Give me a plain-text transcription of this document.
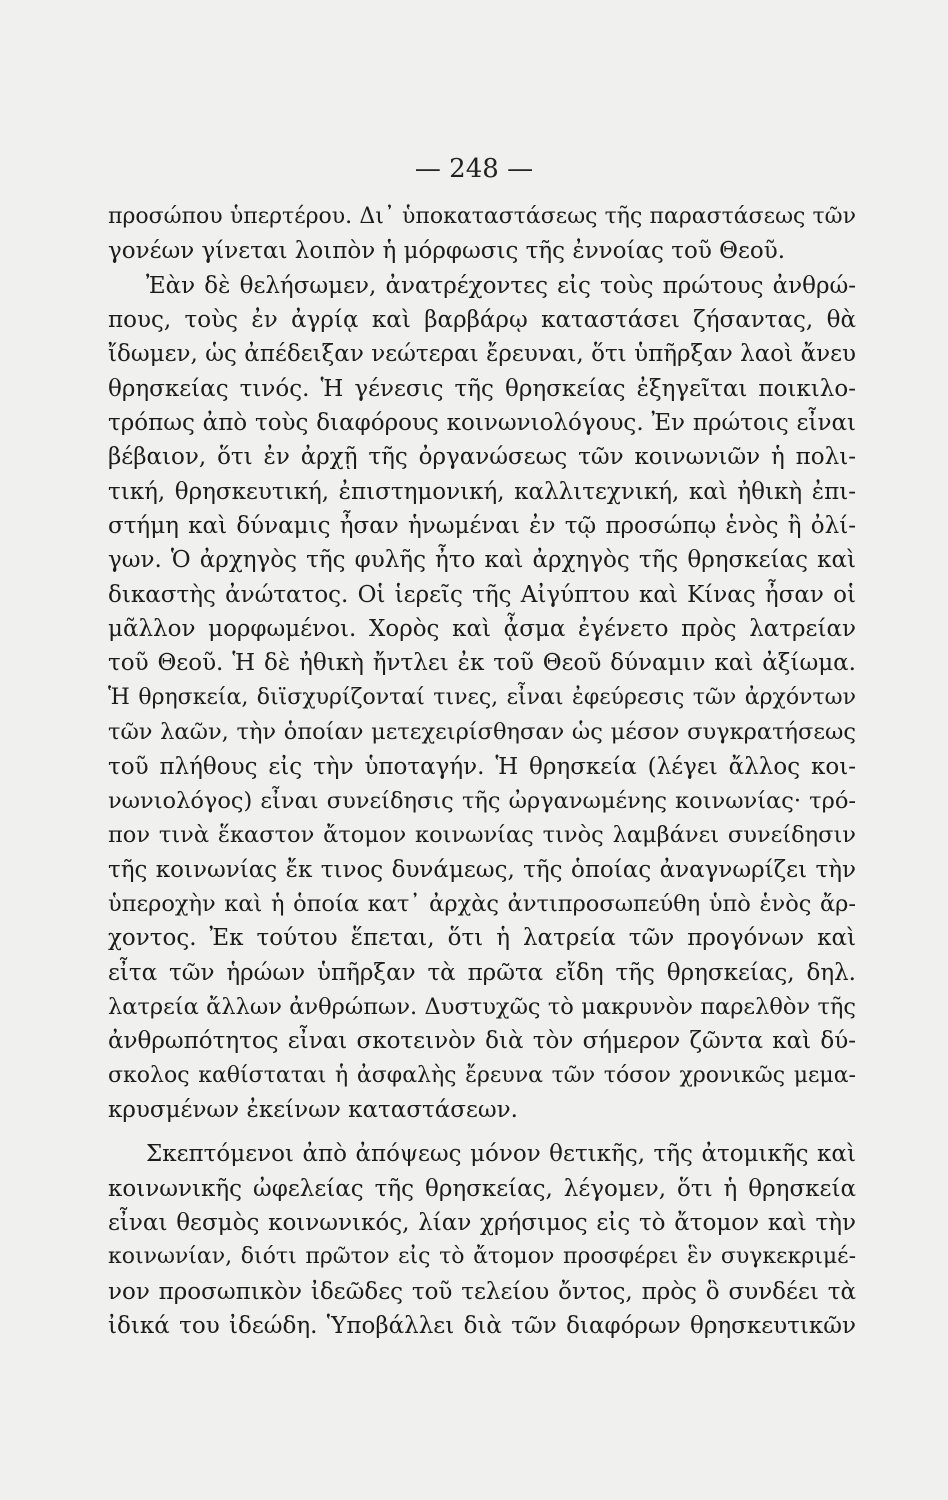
— 248 —
προσώπου ὑπερτέρου. Δι᾽ ὑποκαταστάσεως τῆς παραστάσεως τῶν
γονέων γίνεται λοιπὸν ἡ μόρφωσις τῆς ἐννοίας τοῦ Θεοῦ.
Ἐὰν δὲ θελήσωμεν, ἀνατρέχοντες εἰς τοὺς πρώτους ἀνθρώ-
πους, τοὺς ἐν ἀγρίᾳ καὶ βαρβάρῳ καταστάσει ζήσαντας, θὰ
ἴδωμεν, ὡς ἀπέδειξαν νεώτεραι ἔρευναι, ὅτι ὑπῆρξαν λαοὶ ἄνευ
θρησκείας τινός. Ἡ γένεσις τῆς θρησκείας ἐξηγεῖται ποικιλο-
τρόπως ἀπὸ τοὺς διαφόρους κοινωνιολόγους. Ἐν πρώτοις εἶναι
βέβαιον, ὅτι ἐν ἀρχῇ τῆς ὀργανώσεως τῶν κοινωνιῶν ἡ πολι-
τική, θρησκευτική, ἐπιστημονική, καλλιτεχνική, καὶ ἠθικὴ ἐπι-
στήμη καὶ δύναμις ἦσαν ἡνωμέναι ἐν τῷ προσώπῳ ἑνὸς ἢ ὀλί-
γων. Ὁ ἀρχηγὸς τῆς φυλῆς ἦτο καὶ ἀρχηγὸς τῆς θρησκείας καὶ
δικαστὴς ἀνώτατος. Οἱ ἱερεῖς τῆς Αἰγύπτου καὶ Κίνας ἦσαν οἱ
μᾶλλον μορφωμένοι. Χορὸς καὶ ᾆσμα ἐγένετο πρὸς λατρείαν
τοῦ Θεοῦ. Ἡ δὲ ἠθικὴ ἤντλει ἐκ τοῦ Θεοῦ δύναμιν καὶ ἀξίωμα.
Ἡ θρησκεία, διϊσχυρίζονταί τινες, εἶναι ἐφεύρεσις τῶν ἀρχόντων
τῶν λαῶν, τὴν ὁποίαν μετεχειρίσθησαν ὡς μέσον συγκρατήσεως
τοῦ πλήθους εἰς τὴν ὑποταγήν. Ἡ θρησκεία (λέγει ἄλλος κοι-
νωνιολόγος) εἶναι συνείδησις τῆς ὠργανωμένης κοινωνίας· τρό-
πον τινὰ ἕκαστον ἄτομον κοινωνίας τινὸς λαμβάνει συνείδησιν
τῆς κοινωνίας ἔκ τινος δυνάμεως, τῆς ὁποίας ἀναγνωρίζει τὴν
ὑπεροχὴν καὶ ἡ ὁποία κατ᾽ ἀρχὰς ἀντιπροσωπεύθη ὑπὸ ἑνὸς ἄρ-
χοντος. Ἐκ τούτου ἕπεται, ὅτι ἡ λατρεία τῶν προγόνων καὶ
εἶτα τῶν ἡρώων ὑπῆρξαν τὰ πρῶτα εἴδη τῆς θρησκείας, δηλ.
λατρεία ἄλλων ἀνθρώπων. Δυστυχῶς τὸ μακρυνὸν παρελθὸν τῆς
ἀνθρωπότητος εἶναι σκοτεινὸν διὰ τὸν σήμερον ζῶντα καὶ δύ-
σκολος καθίσταται ἡ ἀσφαλὴς ἔρευνα τῶν τόσον χρονικῶς μεμα-
κρυσμένων ἐκείνων καταστάσεων.
Σκεπτόμενοι ἀπὸ ἀπόψεως μόνον θετικῆς, τῆς ἀτομικῆς καὶ
κοινωνικῆς ὠφελείας τῆς θρησκείας, λέγομεν, ὅτι ἡ θρησκεία
εἶναι θεσμὸς κοινωνικός, λίαν χρήσιμος εἰς τὸ ἄτομον καὶ τὴν
κοινωνίαν, διότι πρῶτον εἰς τὸ ἄτομον προσφέρει ἓν συγκεκριμέ-
νον προσωπικὸν ἰδεῶδες τοῦ τελείου ὄντος, πρὸς ὃ συνδέει τὰ
ἰδικά του ἰδεώδη. Ὑποβάλλει διὰ τῶν διαφόρων θρησκευτικῶν
